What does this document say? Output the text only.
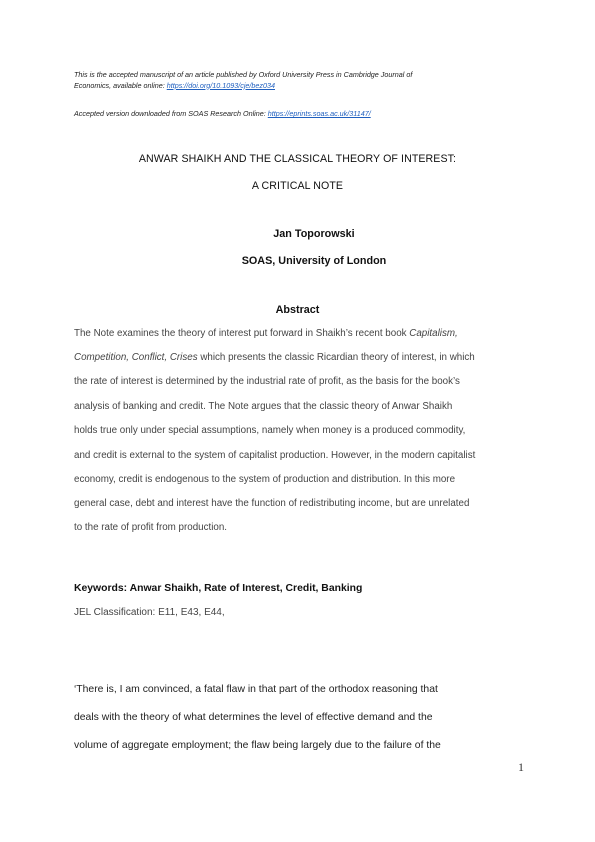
This is the accepted manuscript of an article published by Oxford University Press in Cambridge Journal of
Economics, available online: https://doi.org/10.1093/cje/bez034
Accepted version downloaded from SOAS Research Online: https://eprints.soas.ac.uk/31147/
ANWAR SHAIKH AND THE CLASSICAL THEORY OF INTEREST:
A CRITICAL NOTE
Jan Toporowski
SOAS, University of London
Abstract
The Note examines the theory of interest put forward in Shaikh’s recent book Capitalism,
Competition, Conflict, Crises which presents the classic Ricardian theory of interest, in which
the rate of interest is determined by the industrial rate of profit, as the basis for the book’s
analysis of banking and credit. The Note argues that the classic theory of Anwar Shaikh
holds true only under special assumptions, namely when money is a produced commodity,
and credit is external to the system of capitalist production. However, in the modern capitalist
economy, credit is endogenous to the system of production and distribution. In this more
general case, debt and interest have the function of redistributing income, but are unrelated
to the rate of profit from production.
Keywords: Anwar Shaikh, Rate of Interest, Credit, Banking
JEL Classification: E11, E43, E44,
‘There is, I am convinced, a fatal flaw in that part of the orthodox reasoning that
deals with the theory of what determines the level of effective demand and the
volume of aggregate employment; the flaw being largely due to the failure of the
1
